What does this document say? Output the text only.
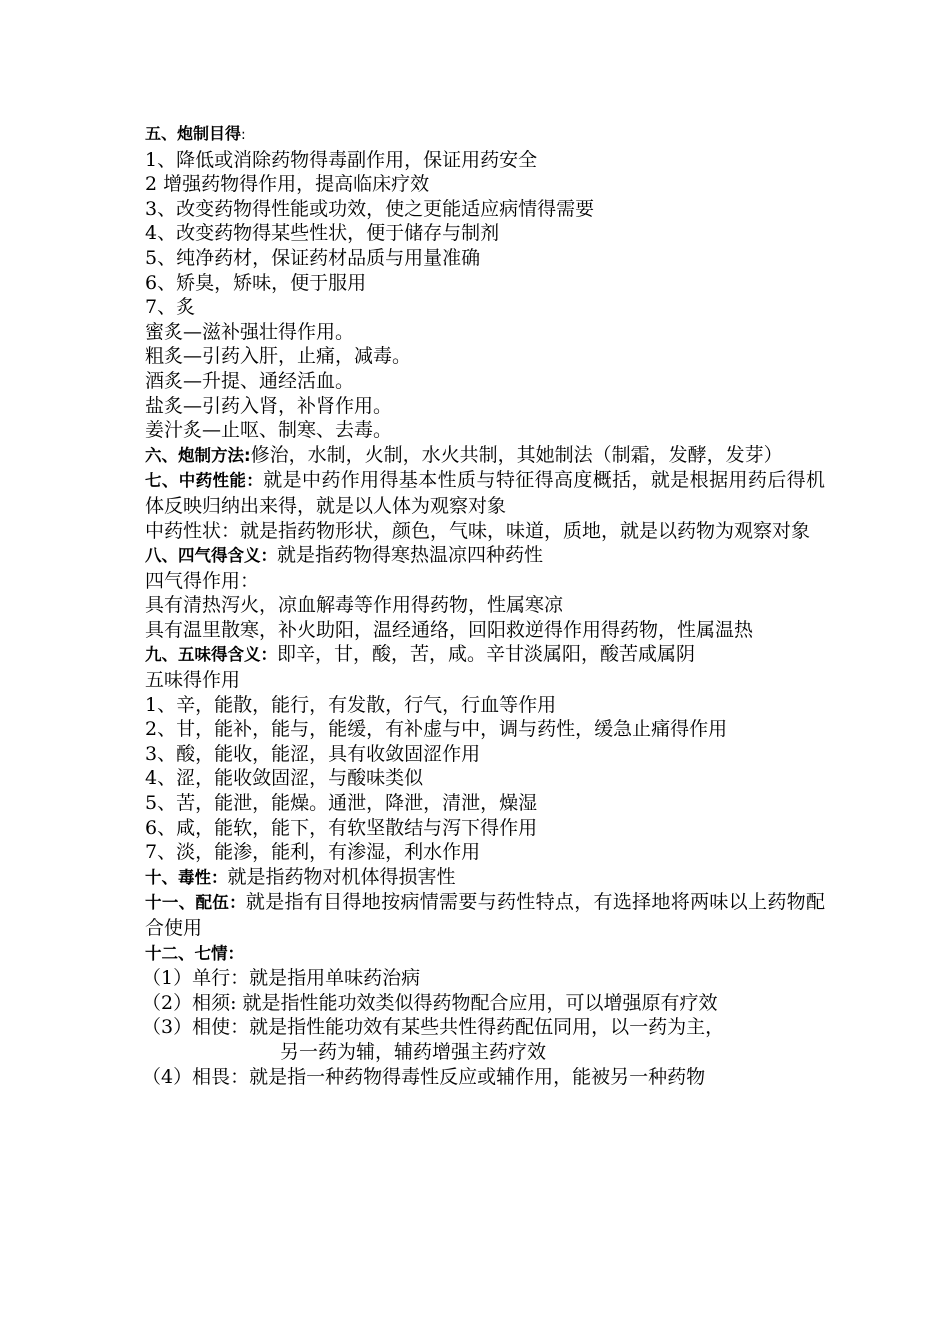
五、炮制目得:

1、降低或消除药物得毒副作用，保证用药安全

2 增强药物得作用，提高临床疗效

3、改变药物得性能或功效，使之更能适应病情得需要

4、改变药物得某些性状，便于储存与制剂

5、纯净药材，保证药材品质与用量准确

6、矫臭，矫味，便于服用

7、炙

蜜炙—滋补强壮得作用。

粗炙—引药入肝，止痛，减毒。

酒炙—升提、通经活血。

盐炙—引药入肾，补肾作用。

姜汁炙—止呕、制寒、去毒。

六、炮制方法:修治，水制，火制，水火共制，其她制法（制霜，发酵，发芽）

七、中药性能：就是中药作用得基本性质与特征得高度概括，就是根据用药后得机体反映归纳出来得，就是以人体为观察对象

中药性状：就是指药物形状，颜色，气味，味道，质地，就是以药物为观察对象

八、四气得含义：就是指药物得寒热温凉四种药性

四气得作用：

具有清热泻火，凉血解毒等作用得药物，性属寒凉

具有温里散寒，补火助阳，温经通络，回阳救逆得作用得药物，性属温热

九、五味得含义：即辛，甘，酸，苦，咸。辛甘淡属阳，酸苦咸属阴

五味得作用

1、辛，能散，能行，有发散，行气，行血等作用

2、甘，能补，能与，能缓，有补虚与中，调与药性，缓急止痛得作用

3、酸，能收，能涩，具有收敛固涩作用

4、涩，能收敛固涩，与酸味类似

5、苦，能泄，能燥。通泄，降泄，清泄，燥湿

6、咸，能软，能下，有软坚散结与泻下得作用

7、淡，能渗，能利，有渗湿，利水作用

十、毒性：就是指药物对机体得损害性

十一、配伍：就是指有目得地按病情需要与药性特点，有选择地将两味以上药物配合使用

十二、七情：

（1）单行：就是指用单味药治病

（2）相须: 就是指性能功效类似得药物配合应用，可以增强原有疗效

（3）相使：就是指性能功效有某些共性得药配伍同用，以一药为主，

另一药为辅，辅药增强主药疗效

（4）相畏：就是指一种药物得毒性反应或辅作用，能被另一种药物
